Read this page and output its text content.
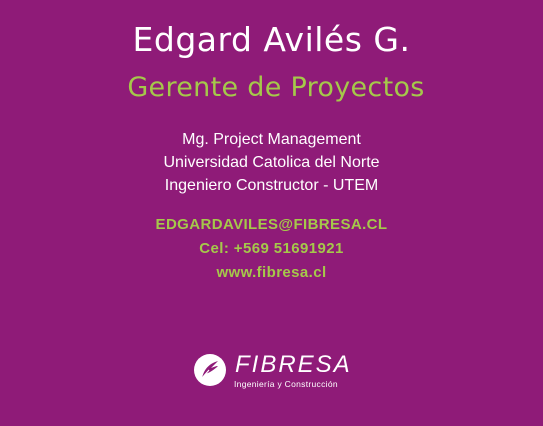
Edgard Avilés G.
Gerente de Proyectos
Mg. Project Management
Universidad Catolica del Norte
Ingeniero Constructor - UTEM
EDGARDAVILES@FIBRESA.CL
Cel: +569 51691921
www.fibresa.cl
FIBRESA
Ingeniería y Construcción
